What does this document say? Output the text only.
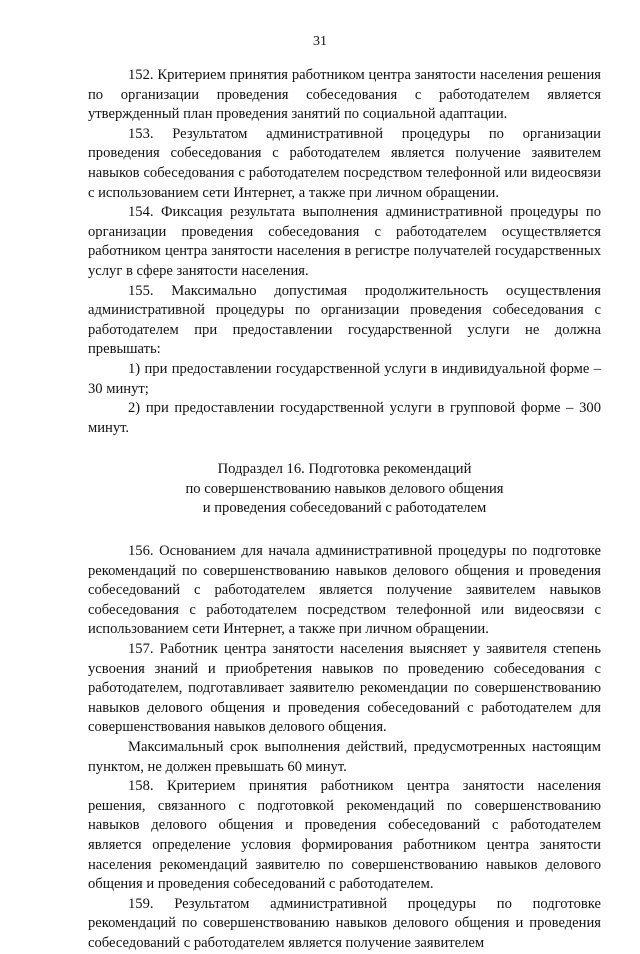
31

152. Критерием принятия работником центра занятости населения решения по организации проведения собеседования с работодателем является утвержденный план проведения занятий по социальной адаптации.

153. Результатом административной процедуры по организации проведения собеседования с работодателем является получение заявителем навыков собеседования с работодателем посредством телефонной или видеосвязи с использованием сети Интернет, а также при личном обращении.

154. Фиксация результата выполнения административной процедуры по организации проведения собеседования с работодателем осуществляется работником центра занятости населения в регистре получателей государственных услуг в сфере занятости населения.

155. Максимально допустимая продолжительность осуществления административной процедуры по организации проведения собеседования с работодателем при предоставлении государственной услуги не должна превышать:

1) при предоставлении государственной услуги в индивидуальной форме – 30 минут;

2) при предоставлении государственной услуги в групповой форме – 300 минут.

Подраздел 16. Подготовка рекомендаций
по совершенствованию навыков делового общения
и проведения собеседований с работодателем

156. Основанием для начала административной процедуры по подготовке рекомендаций по совершенствованию навыков делового общения и проведения собеседований с работодателем является получение заявителем навыков собеседования с работодателем посредством телефонной или видеосвязи с использованием сети Интернет, а также при личном обращении.

157. Работник центра занятости населения выясняет у заявителя степень усвоения знаний и приобретения навыков по проведению собеседования с работодателем, подготавливает заявителю рекомендации по совершенствованию навыков делового общения и проведения собеседований с работодателем для совершенствования навыков делового общения.

Максимальный срок выполнения действий, предусмотренных настоящим пунктом, не должен превышать 60 минут.

158. Критерием принятия работником центра занятости населения решения, связанного с подготовкой рекомендаций по совершенствованию навыков делового общения и проведения собеседований с работодателем является определение условия формирования работником центра занятости населения рекомендаций заявителю по совершенствованию навыков делового общения и проведения собеседований с работодателем.

159. Результатом административной процедуры по подготовке рекомендаций по совершенствованию навыков делового общения и проведения собеседований с работодателем является получение заявителем
